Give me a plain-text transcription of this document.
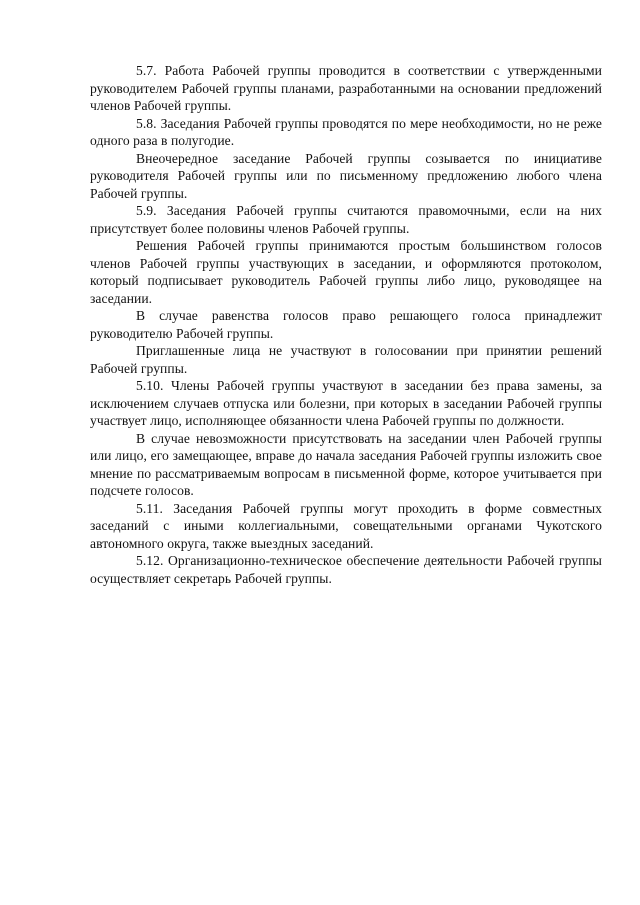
5.7. Работа Рабочей группы проводится в соответствии с утвержденными руководителем Рабочей группы планами, разработанными на основании предложений членов Рабочей группы.

5.8. Заседания Рабочей группы проводятся по мере необходимости, но не реже одного раза в полугодие.

Внеочередное заседание Рабочей группы созывается по инициативе руководителя Рабочей группы или по письменному предложению любого члена Рабочей группы.

5.9. Заседания Рабочей группы считаются правомочными, если на них присутствует более половины членов Рабочей группы.

Решения Рабочей группы принимаются простым большинством голосов членов Рабочей группы участвующих в заседании, и оформляются протоколом, который подписывает руководитель Рабочей группы либо лицо, руководящее на заседании.

В случае равенства голосов право решающего голоса принадлежит руководителю Рабочей группы.

Приглашенные лица не участвуют в голосовании при принятии решений Рабочей группы.

5.10. Члены Рабочей группы участвуют в заседании без права замены, за исключением случаев отпуска или болезни, при которых в заседании Рабочей группы участвует лицо, исполняющее обязанности члена Рабочей группы по должности.

В случае невозможности присутствовать на заседании член Рабочей группы или лицо, его замещающее, вправе до начала заседания Рабочей группы изложить свое мнение по рассматриваемым вопросам в письменной форме, которое учитывается при подсчете голосов.

5.11. Заседания Рабочей группы могут проходить в форме совместных заседаний с иными коллегиальными, совещательными органами Чукотского автономного округа, также выездных заседаний.

5.12. Организационно-техническое обеспечение деятельности Рабочей группы осуществляет секретарь Рабочей группы.
